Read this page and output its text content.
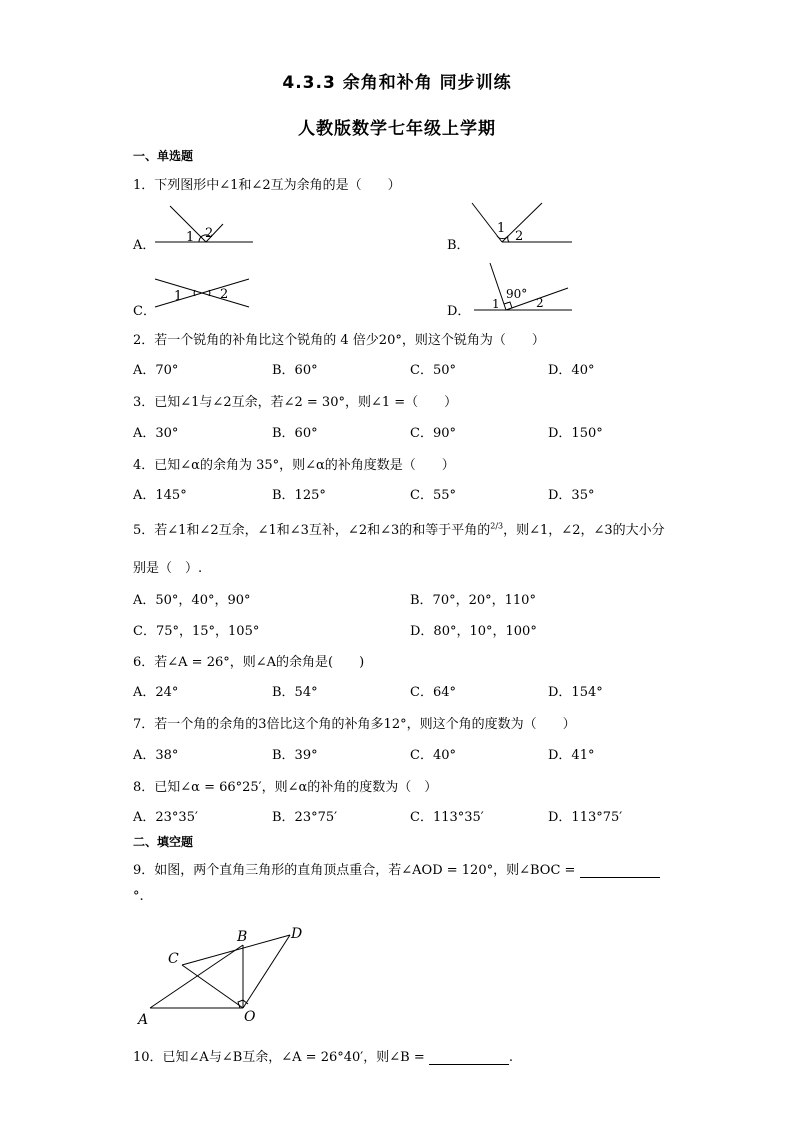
4.3.3 余角和补角 同步训练
人教版数学七年级上学期
一、单选题
1．下列图形中∠1和∠2互为余角的是（　　）
A．
1 2
B．
1
2
C．
1	2
D． 1
90°
2
2．若一个锐角的补角比这个锐角的 4 倍少20°，则这个锐角为（　　）
A．70°	B．60°	C．50°	D．40°
3．已知∠1与∠2互余，若∠2 = 30°，则∠1 =（　　）
A．30°	B．60°	C．90°	D．150°
4．已知∠α的余角为 35°，则∠α的补角度数是（　　）
A．145°	B．125°	C．55°	D．35°
5．若∠1和∠2互余，∠1和∠3互补，∠2和∠3的和等于平角的$^{2/3}$，则∠1，∠2，∠3的大小分
别是（　）.
A．50°，40°，90°	B．70°，20°，110°
C．75°，15°，105°	D．80°，10°，100°
6．若∠A = 26°，则∠A的余角是(　　)
A．24°	B．54°	C．64°	D．154°
7．若一个角的余角的3倍比这个角的补角多12°，则这个角的度数为（　　）
A．38°	B．39°	C．40°	D．41°
8．已知∠α = 66°25′，则∠α的补角的度数为（　）
A．23°35′	B．23°75′	C．113°35′	D．113°75′
二、填空题
9．如图，两个直角三角形的直角顶点重合，若∠AOD = 120°，则∠BOC =
°.
A
B
C
D
O
10．已知∠A与∠B互余，∠A = 26°40′，则∠B =	.
